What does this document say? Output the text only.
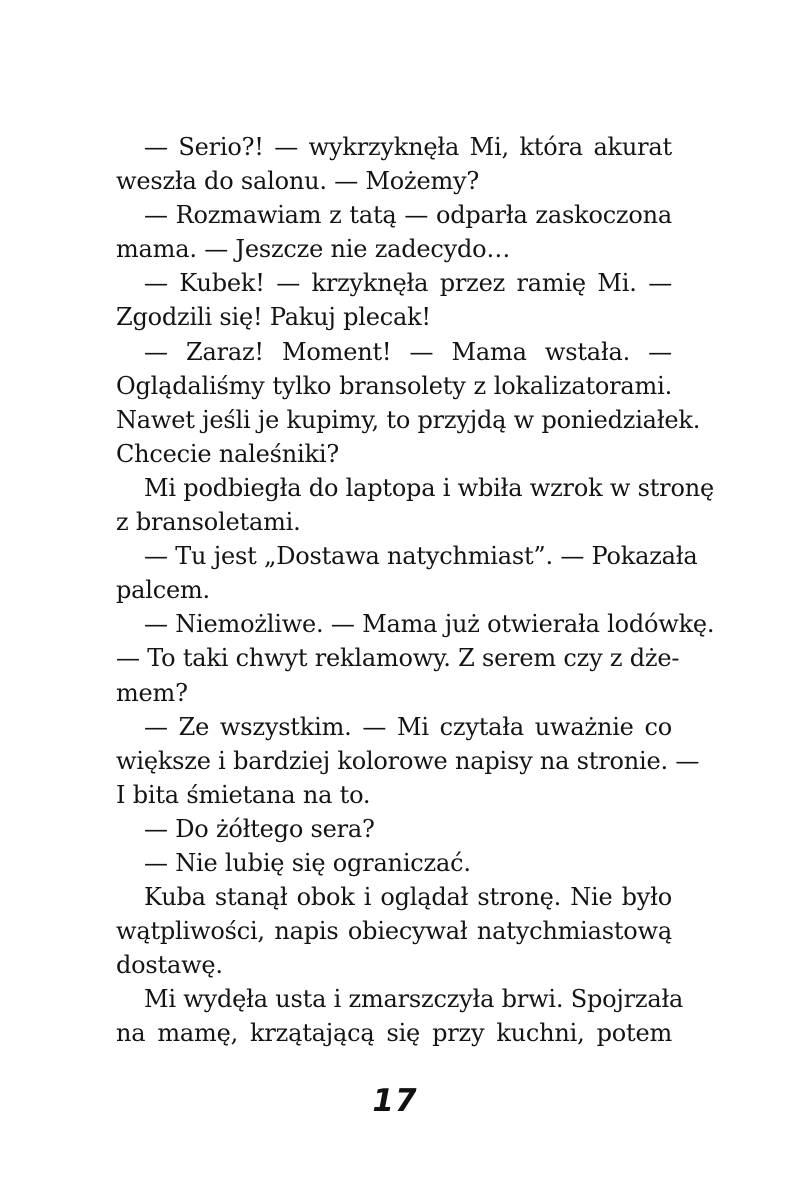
— Serio?! — wykrzyknęła Mi, która akurat
weszła do salonu. — Możemy?
— Rozmawiam z tatą — odparła zaskoczona
mama. — Jeszcze nie zadecydo…
— Kubek! — krzyknęła przez ramię Mi. —
Zgodzili się! Pakuj plecak!
— Zaraz! Moment! — Mama wstała. —
Oglądaliśmy tylko bransolety z lokalizatorami.
Nawet jeśli je kupimy, to przyjdą w poniedziałek.
Chcecie naleśniki?
Mi podbiegła do laptopa i wbiła wzrok w stronę
z bransoletami.
— Tu jest „Dostawa natychmiast”. — Pokazała
palcem.
— Niemożliwe. — Mama już otwierała lodówkę.
— To taki chwyt reklamowy. Z serem czy z dże-
mem?
— Ze wszystkim. — Mi czytała uważnie co
większe i bardziej kolorowe napisy na stronie. —
I bita śmietana na to.
— Do żółtego sera?
— Nie lubię się ograniczać.
Kuba stanął obok i oglądał stronę. Nie było
wątpliwości, napis obiecywał natychmiastową
dostawę.
Mi wydęła usta i zmarszczyła brwi. Spojrzała
na mamę, krzątającą się przy kuchni, potem
17
